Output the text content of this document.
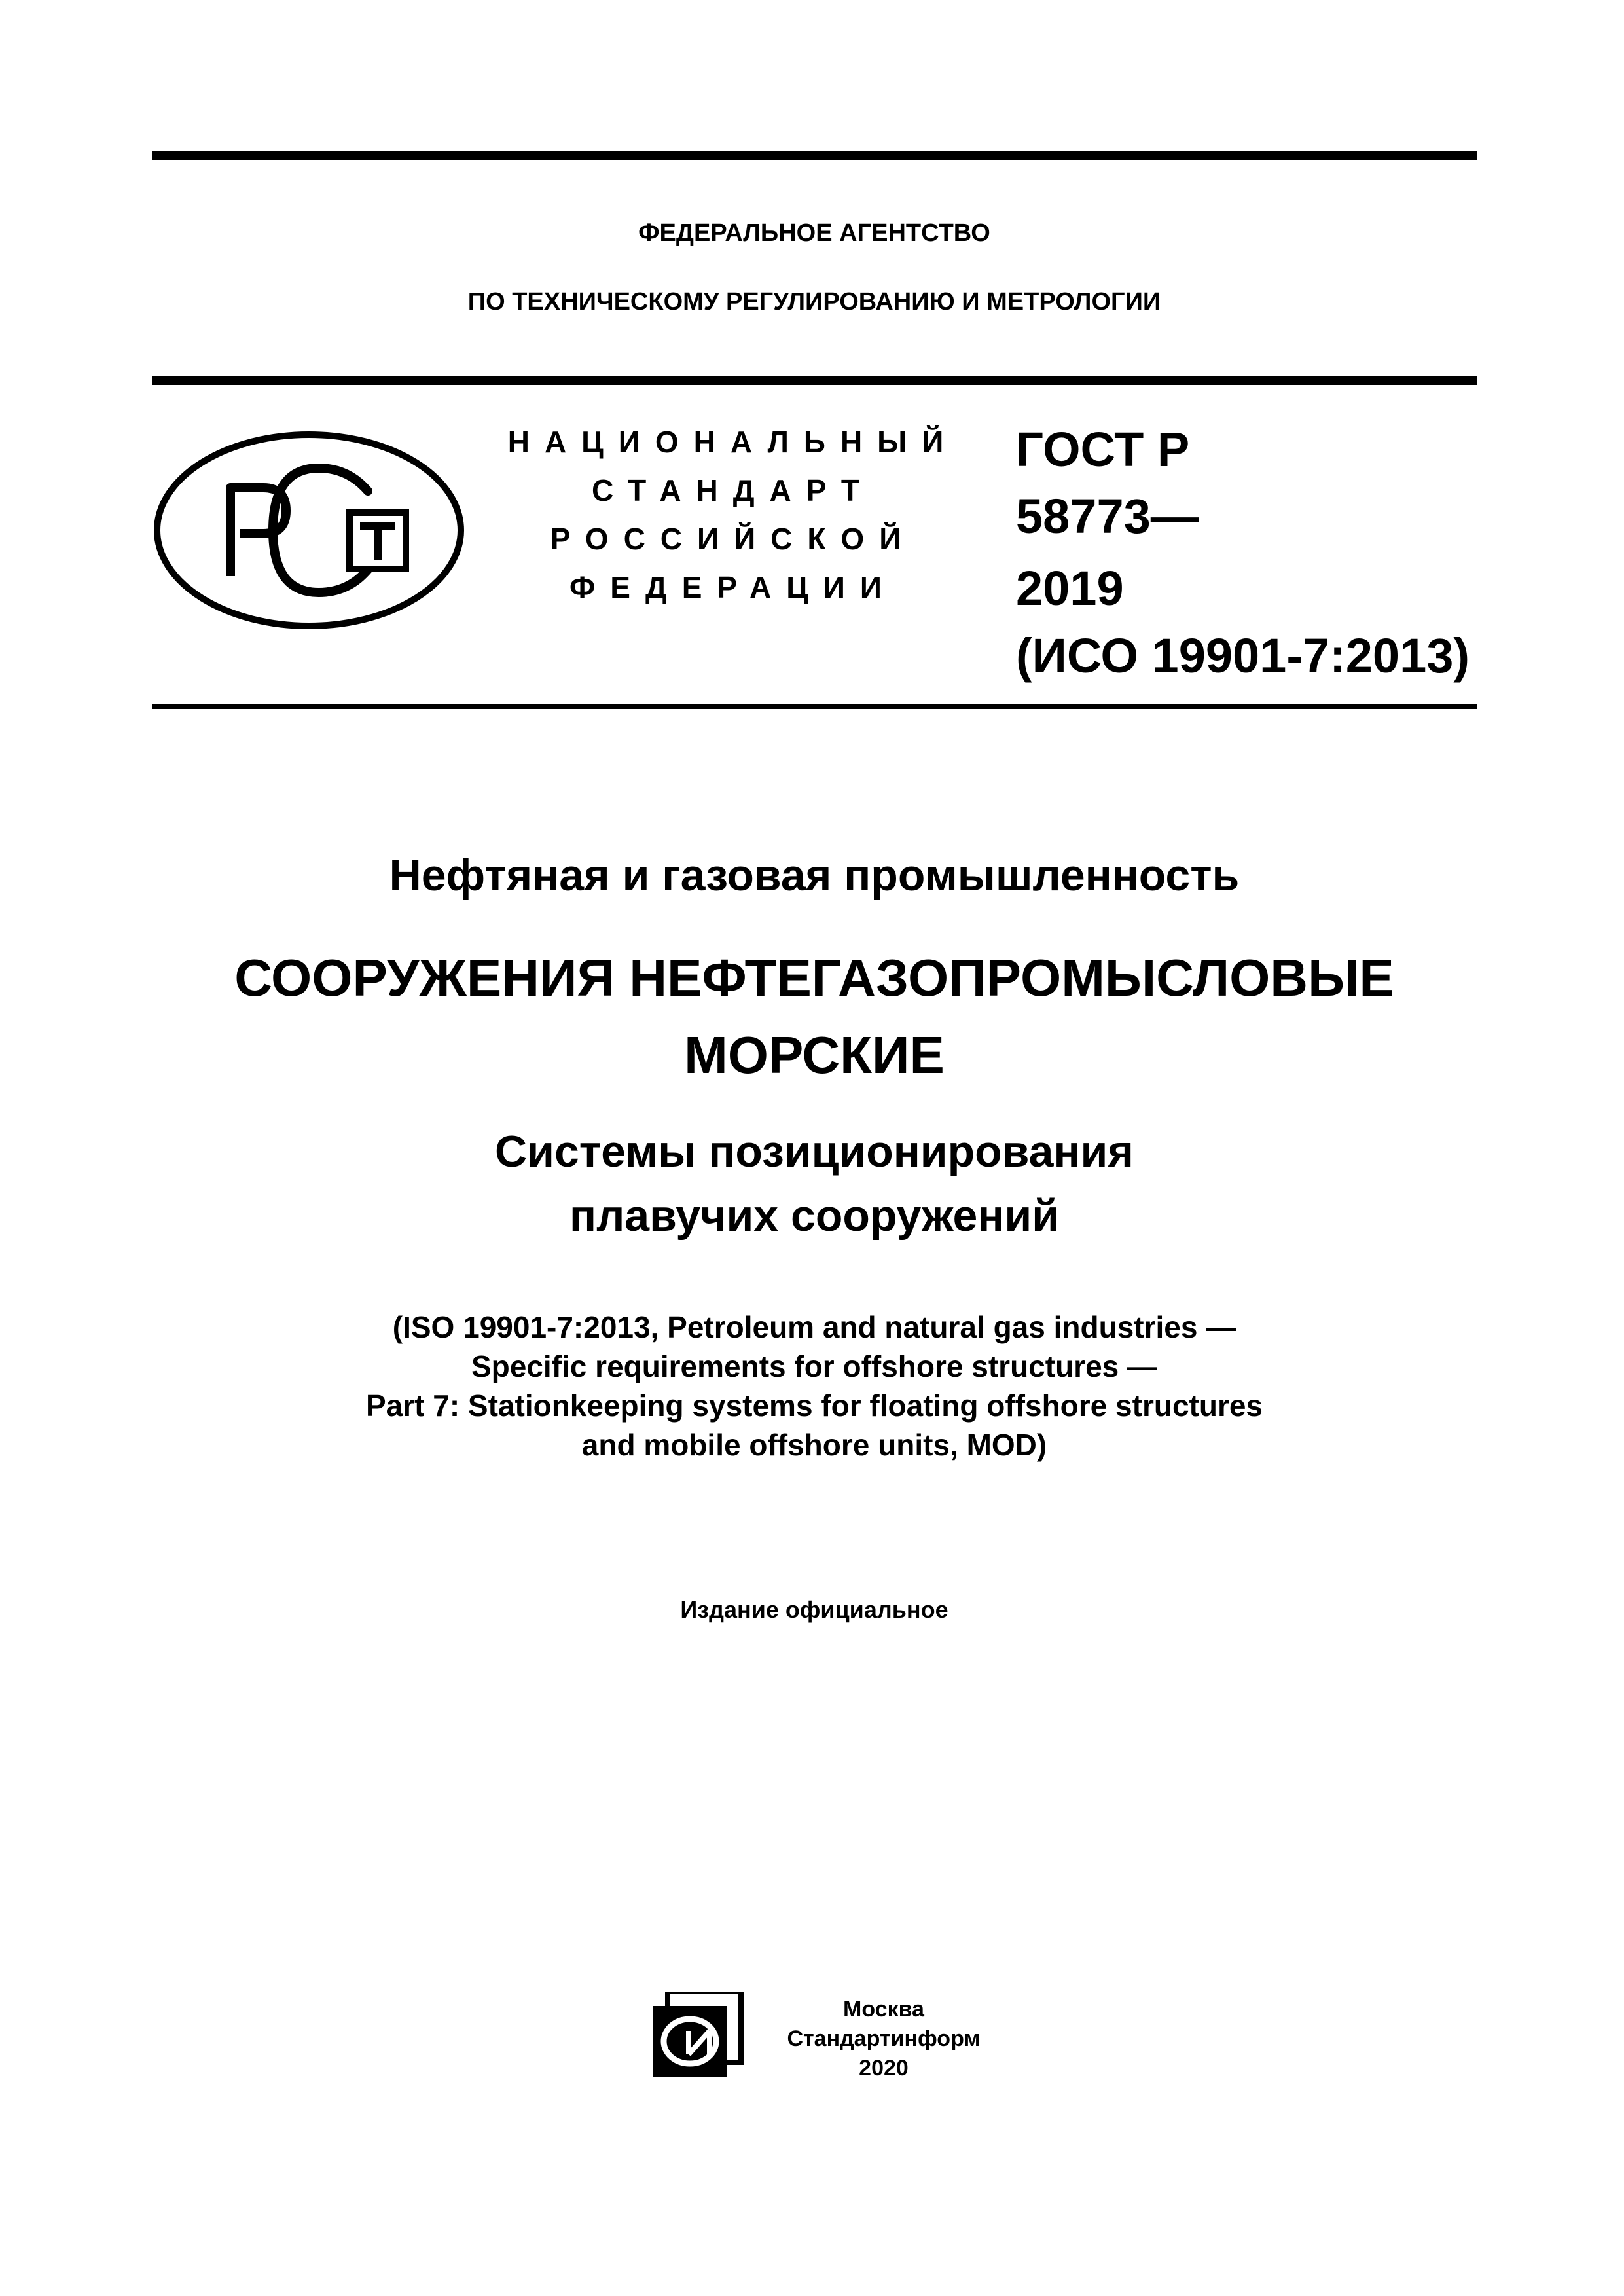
ФЕДЕРАЛЬНОЕ АГЕНТСТВО
ПО ТЕХНИЧЕСКОМУ РЕГУЛИРОВАНИЮ И МЕТРОЛОГИИ
НАЦИОНАЛЬНЫЙ
СТАНДАРТ
РОССИЙСКОЙ
ФЕДЕРАЦИИ
ГОСТ Р
58773—
2019
(ИСО 19901-7:2013)
Нефтяная и газовая промышленность
СООРУЖЕНИЯ НЕФТЕГАЗОПРОМЫСЛОВЫЕ
МОРСКИЕ
Системы позиционирования
плавучих сооружений
(ISO 19901-7:2013, Petroleum and natural gas industries —
Specific requirements for offshore structures —
Part 7: Stationkeeping systems for floating offshore structures
and mobile offshore units, MOD)
Издание официальное
Москва
Стандартинформ
2020
